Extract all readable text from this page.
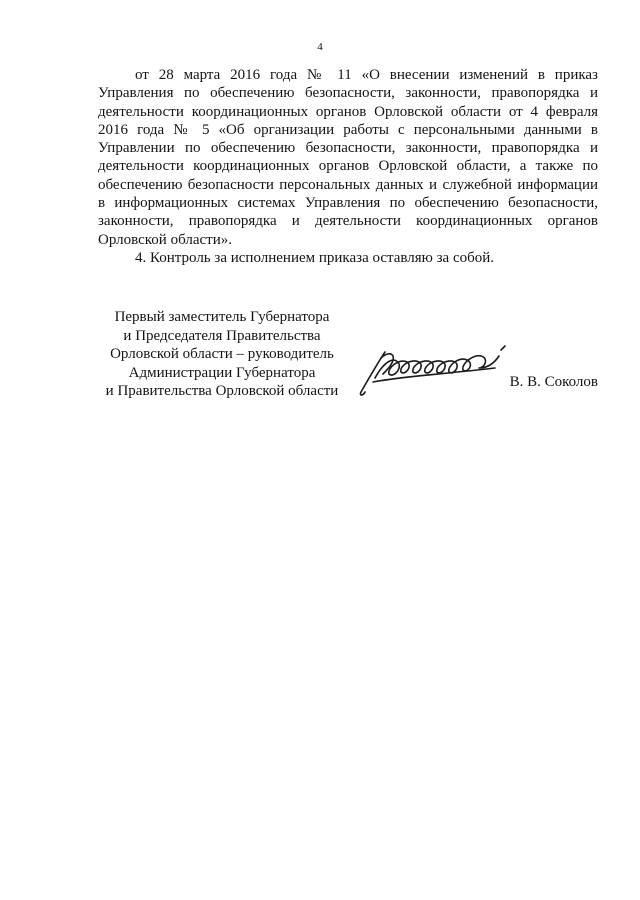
4

от 28 марта 2016 года № 11 «О внесении изменений в приказ Управления по обеспечению безопасности, законности, правопорядка и деятельности координационных органов Орловской области от 4 февраля 2016 года № 5 «Об организации работы с персональными данными в Управлении по обеспечению безопасности, законности, правопорядка и деятельности координационных органов Орловской области, а также по обеспечению безопасности персональных данных и служебной информации в информационных системах Управления по обеспечению безопасности, законности, правопорядка и деятельности координационных органов Орловской области».

4. Контроль за исполнением приказа оставляю за собой.

Первый заместитель Губернатора
и Председателя Правительства
Орловской области – руководитель
Администрации Губернатора
и Правительства Орловской области
В. В. Соколов
